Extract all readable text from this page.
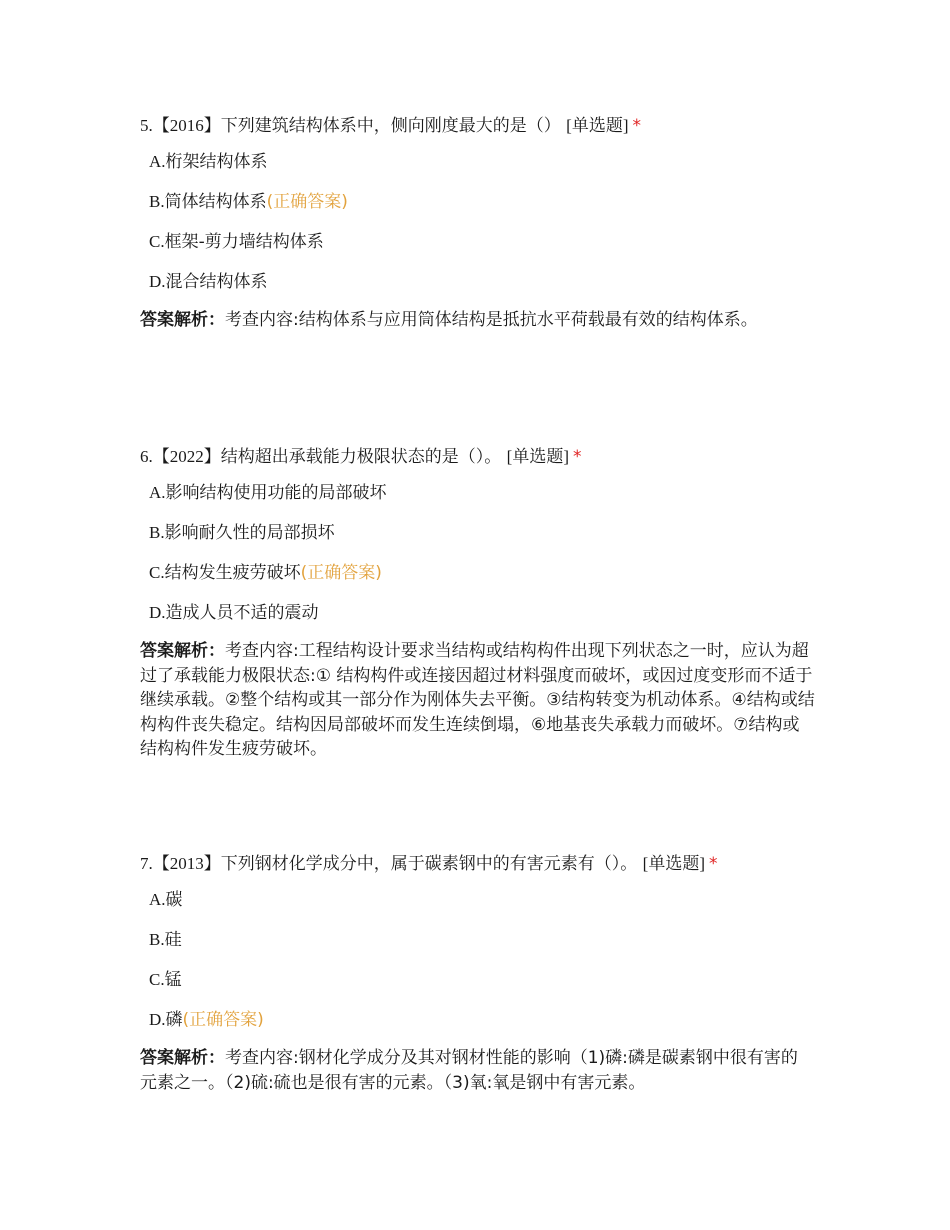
5.【2016】下列建筑结构体系中，侧向刚度最大的是（） [单选题] *
A.桁架结构体系
B.筒体结构体系(正确答案)
C.框架-剪力墙结构体系
D.混合结构体系
答案解析：考查内容:结构体系与应用筒体结构是抵抗水平荷载最有效的结构体系。
6.【2022】结构超出承载能力极限状态的是（）。 [单选题] *
A.影响结构使用功能的局部破坏
B.影响耐久性的局部损坏
C.结构发生疲劳破坏(正确答案)
D.造成人员不适的震动
答案解析：考查内容:工程结构设计要求当结构或结构构件出现下列状态之一时，应认为超过了承载能力极限状态:① 结构构件或连接因超过材料强度而破坏，或因过度变形而不适于继续承载。②整个结构或其一部分作为刚体失去平衡。③结构转变为机动体系。④结构或结构构件丧失稳定。结构因局部破坏而发生连续倒塌，⑥地基丧失承载力而破坏。⑦结构或结构构件发生疲劳破坏。
7.【2013】下列钢材化学成分中，属于碳素钢中的有害元素有（）。 [单选题] *
A.碳
B.硅
C.锰
D.磷(正确答案)
答案解析：考查内容:钢材化学成分及其对钢材性能的影响（1)磷:磷是碳素钢中很有害的元素之一。（2)硫:硫也是很有害的元素。（3)氧:氧是钢中有害元素。
